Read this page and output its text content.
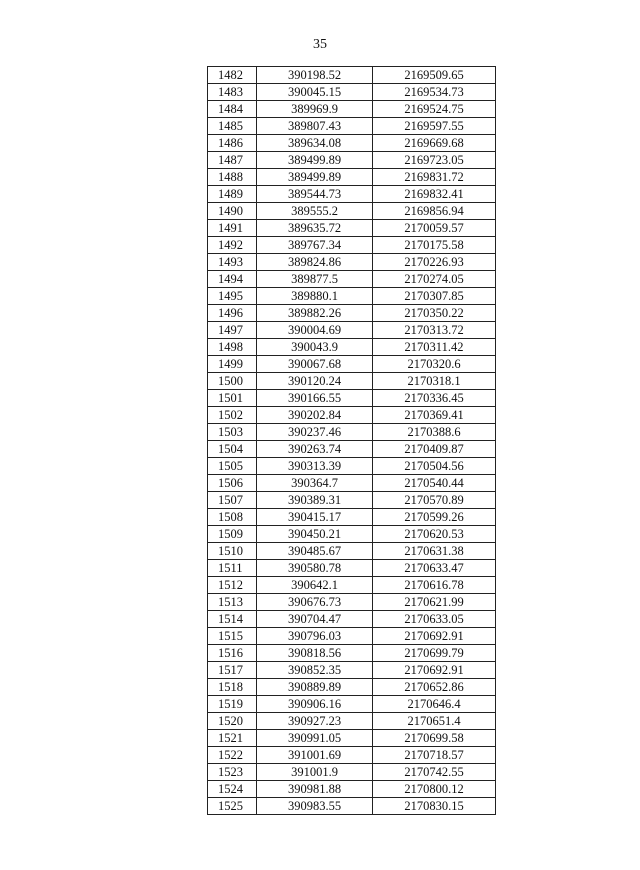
35
1482	390198.52	2169509.65
1483	390045.15	2169534.73
1484	389969.9	2169524.75
1485	389807.43	2169597.55
1486	389634.08	2169669.68
1487	389499.89	2169723.05
1488	389499.89	2169831.72
1489	389544.73	2169832.41
1490	389555.2	2169856.94
1491	389635.72	2170059.57
1492	389767.34	2170175.58
1493	389824.86	2170226.93
1494	389877.5	2170274.05
1495	389880.1	2170307.85
1496	389882.26	2170350.22
1497	390004.69	2170313.72
1498	390043.9	2170311.42
1499	390067.68	2170320.6
1500	390120.24	2170318.1
1501	390166.55	2170336.45
1502	390202.84	2170369.41
1503	390237.46	2170388.6
1504	390263.74	2170409.87
1505	390313.39	2170504.56
1506	390364.7	2170540.44
1507	390389.31	2170570.89
1508	390415.17	2170599.26
1509	390450.21	2170620.53
1510	390485.67	2170631.38
1511	390580.78	2170633.47
1512	390642.1	2170616.78
1513	390676.73	2170621.99
1514	390704.47	2170633.05
1515	390796.03	2170692.91
1516	390818.56	2170699.79
1517	390852.35	2170692.91
1518	390889.89	2170652.86
1519	390906.16	2170646.4
1520	390927.23	2170651.4
1521	390991.05	2170699.58
1522	391001.69	2170718.57
1523	391001.9	2170742.55
1524	390981.88	2170800.12
1525	390983.55	2170830.15
